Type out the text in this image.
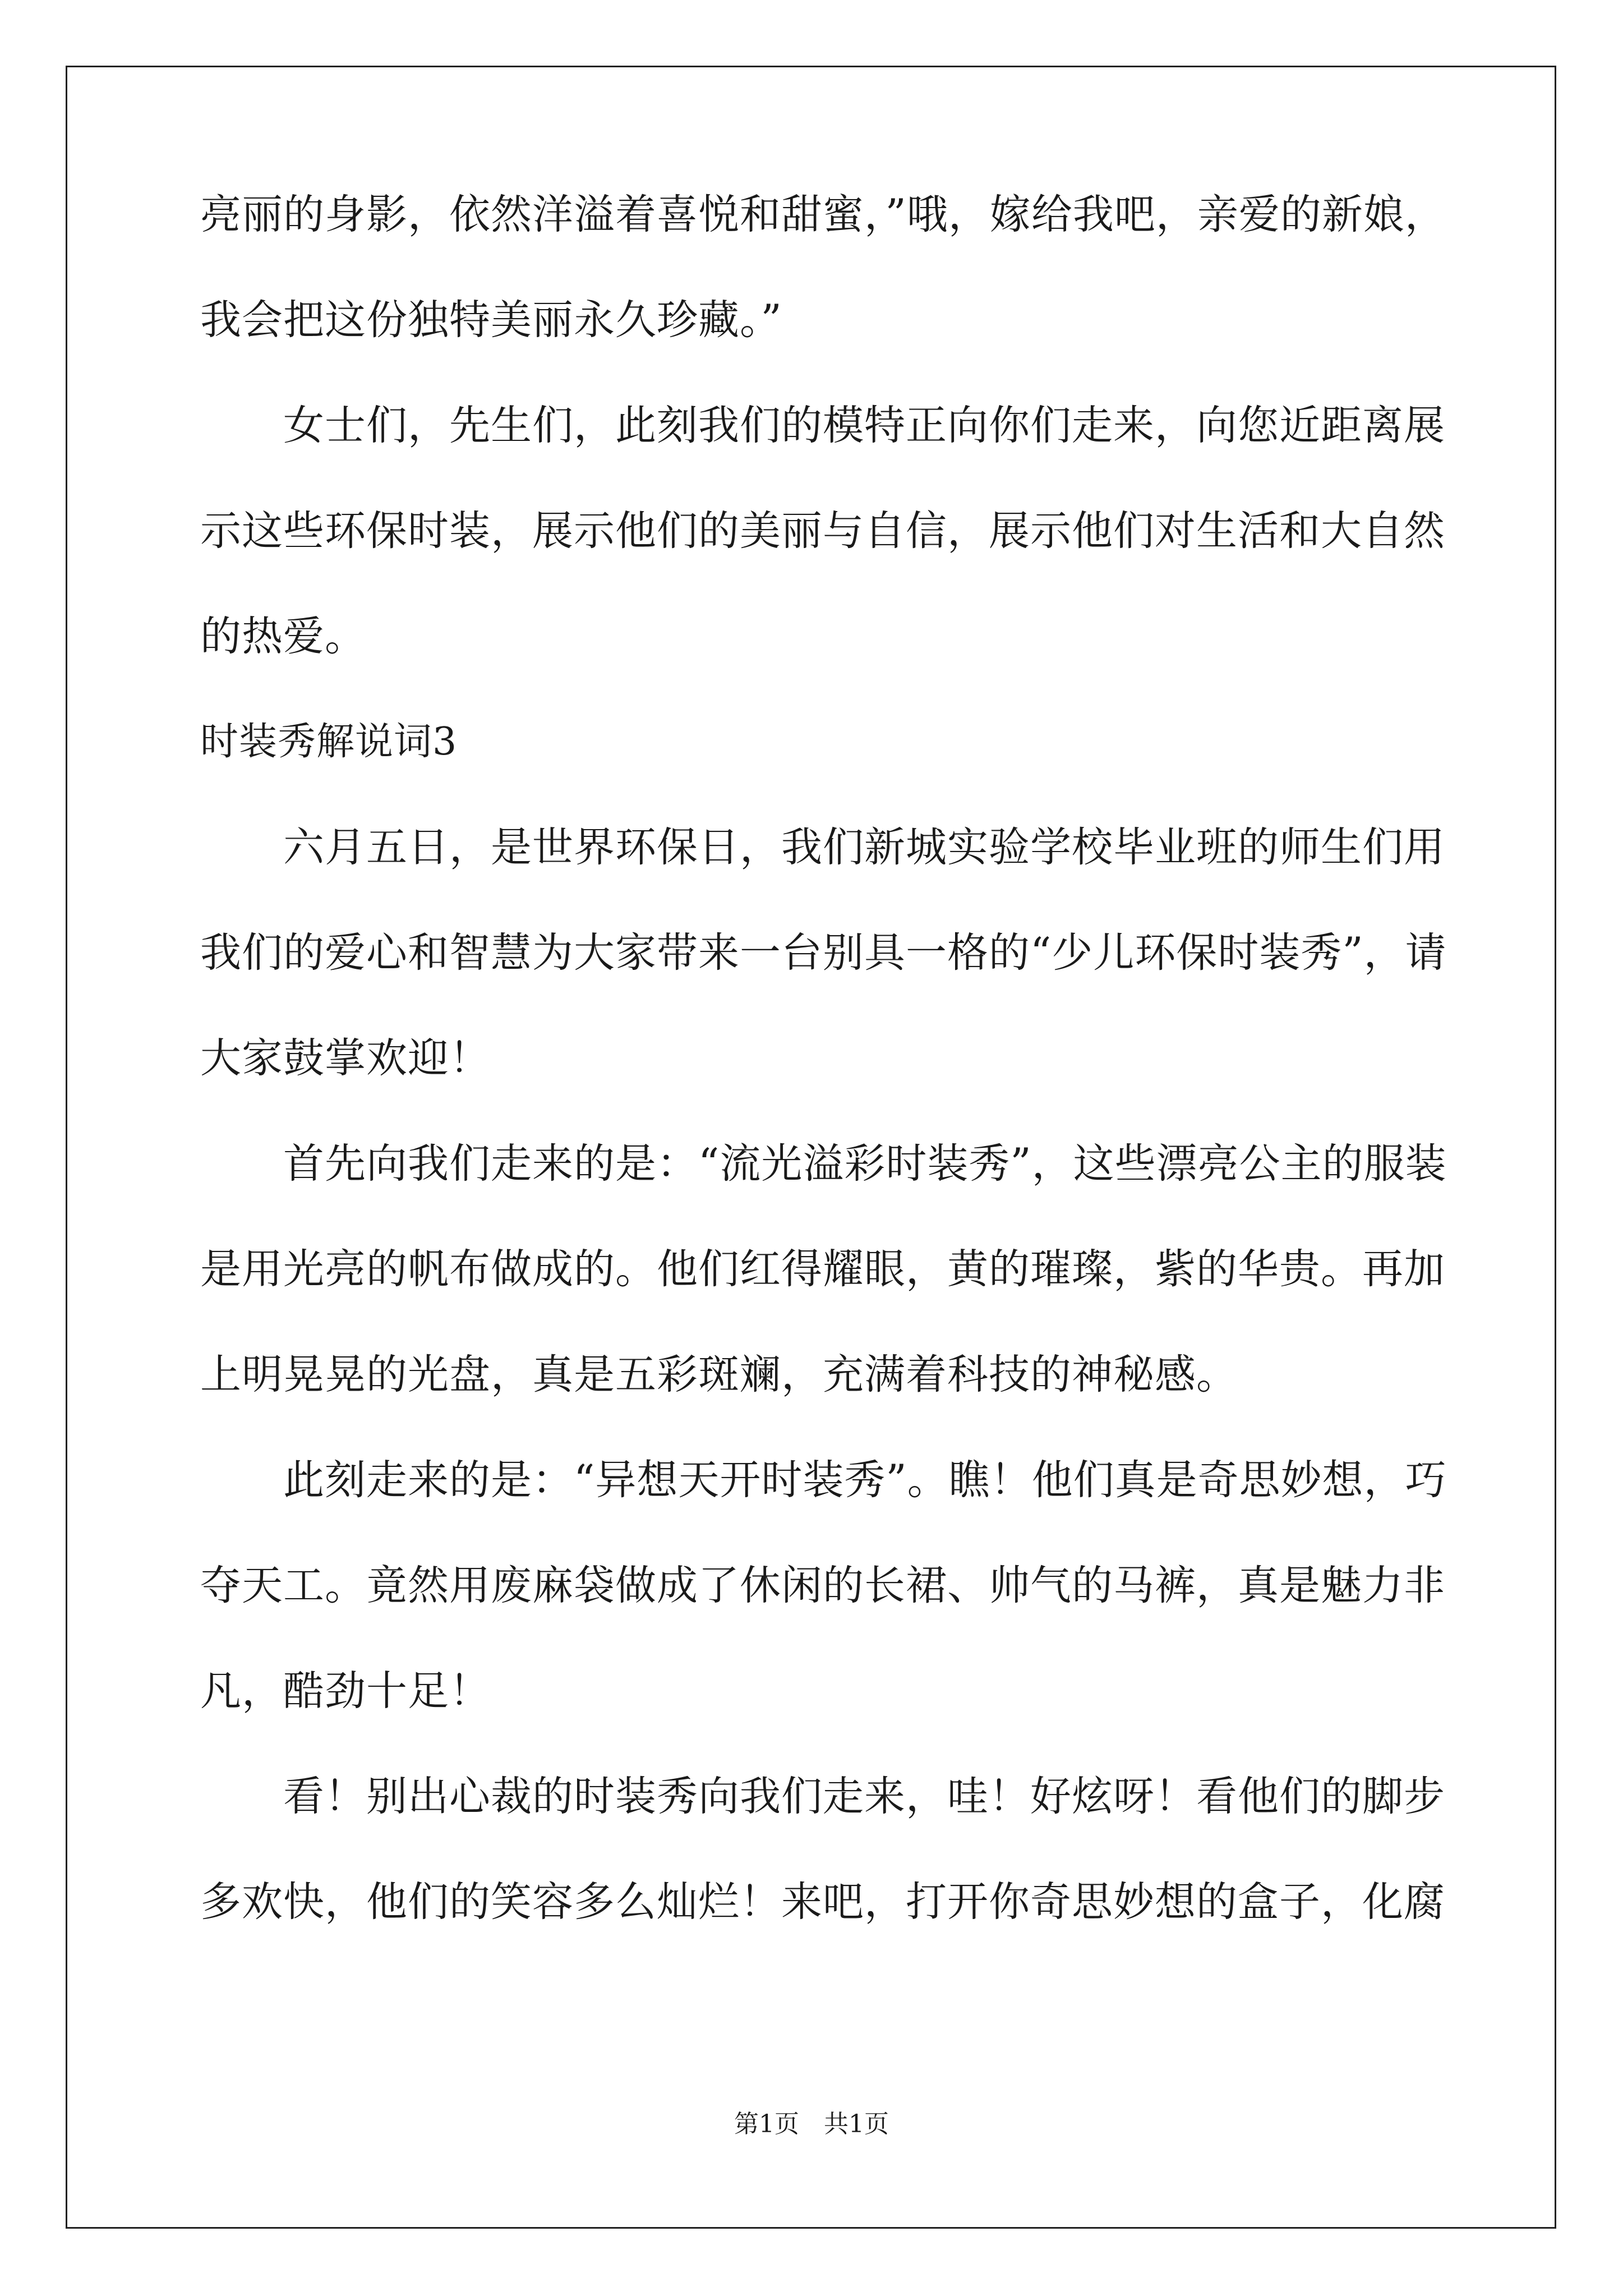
亮丽的身影，依然洋溢着喜悦和甜蜜，”哦，嫁给我吧，亲爱的新娘，
我会把这份独特美丽永久珍藏。”
女士们，先生们，此刻我们的模特正向你们走来，向您近距离展
示这些环保时装，展示他们的美丽与自信，展示他们对生活和大自然
的热爱。
时装秀解说词3
六月五日，是世界环保日，我们新城实验学校毕业班的师生们用
我们的爱心和智慧为大家带来一台别具一格的“少儿环保时装秀”，请
大家鼓掌欢迎！
首先向我们走来的是：“流光溢彩时装秀”，这些漂亮公主的服装
是用光亮的帆布做成的。他们红得耀眼，黄的璀璨，紫的华贵。再加
上明晃晃的光盘，真是五彩斑斓，充满着科技的神秘感。
此刻走来的是：“异想天开时装秀”。瞧！他们真是奇思妙想，巧
夺天工。竟然用废麻袋做成了休闲的长裙、帅气的马裤，真是魅力非
凡，酷劲十足！
看！别出心裁的时装秀向我们走来，哇！好炫呀！看他们的脚步
多欢快，他们的笑容多么灿烂！来吧，打开你奇思妙想的盒子，化腐
第1页　共1页
